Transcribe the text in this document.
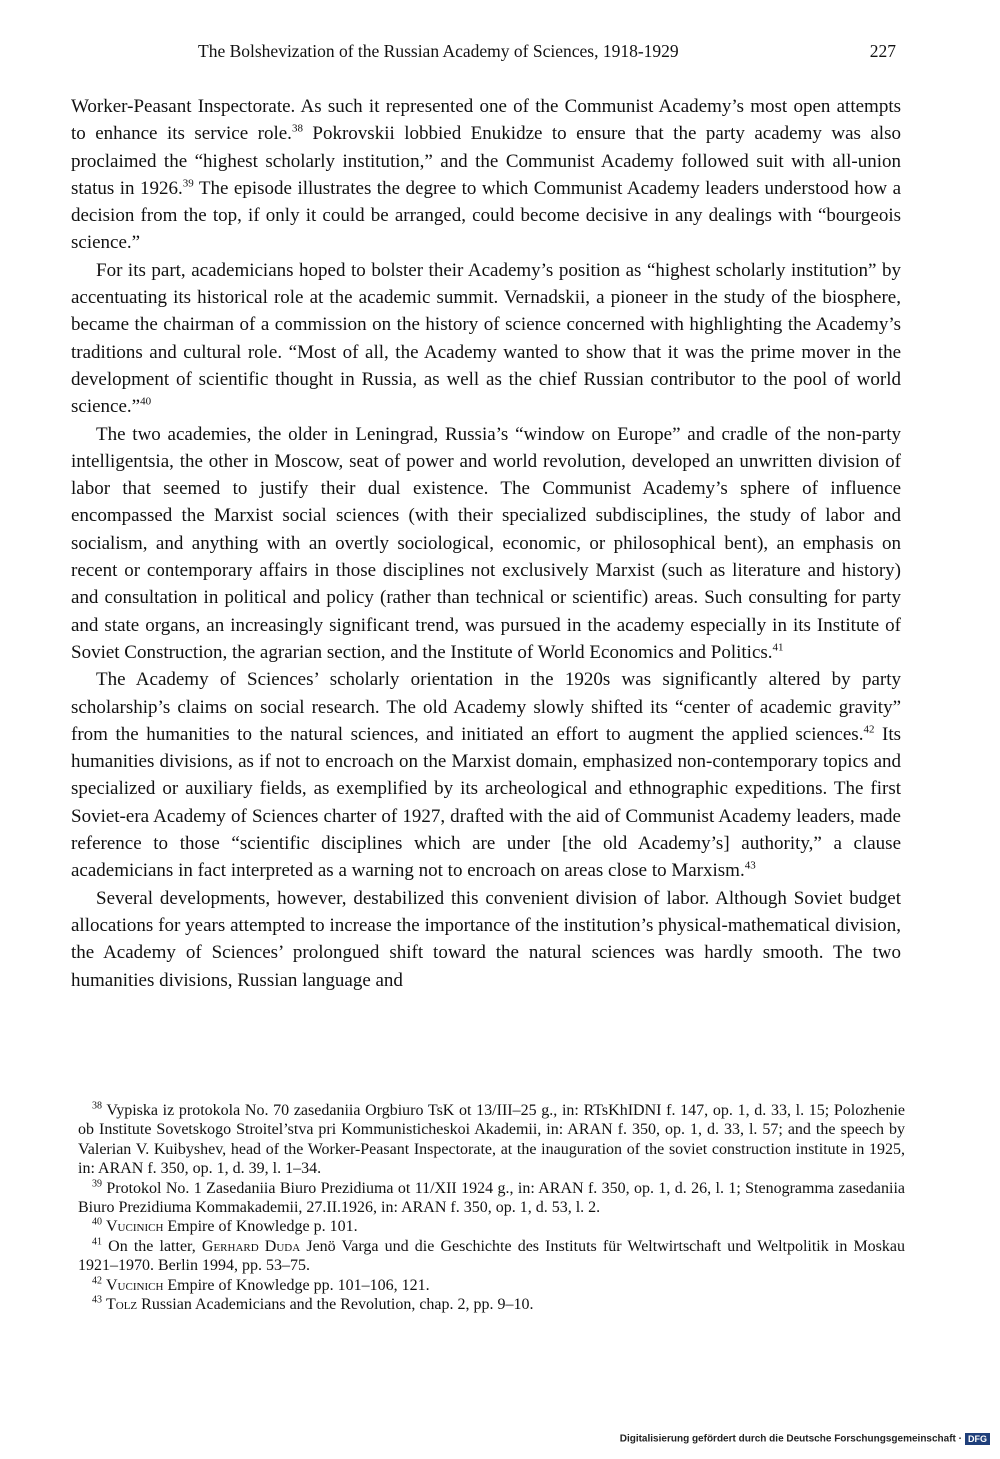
The Bolshevization of the Russian Academy of Sciences, 1918-1929	227

Worker-Peasant Inspectorate. As such it represented one of the Communist Academy’s most open attempts to enhance its service role.$^{38}$ Pokrovskii lobbied Enukidze to ensure that the party academy was also proclaimed the “highest scholarly institution,” and the Communist Academy followed suit with all-union status in 1926.39 The episode illustrates the degree to which Communist Academy leaders understood how a decision from the top, if only it could be arranged, could become decisive in any dealings with “bourgeois science.”

For its part, academicians hoped to bolster their Academy’s position as “highest scholarly institution” by accentuating its historical role at the academic summit. Vernadskii, a pioneer in the study of the biosphere, became the chairman of a commission on the history of science concerned with highlighting the Academy’s traditions and cultural role. “Most of all, the Academy wanted to show that it was the prime mover in the development of scientific thought in Russia, as well as the chief Russian contributor to the pool of world science.”$^{40}$

The two academies, the older in Leningrad, Russia’s “window on Europe” and cradle of the non-party intelligentsia, the other in Moscow, seat of power and world revolution, developed an unwritten division of labor that seemed to justify their dual existence. The Communist Academy’s sphere of influence encompassed the Marxist social sciences (with their specialized subdisciplines, the study of labor and socialism, and anything with an overtly sociological, economic, or philosophical bent), an emphasis on recent or contemporary affairs in those disciplines not exclusively Marxist (such as literature and history) and consultation in political and policy (rather than technical or scientific) areas. Such consulting for party and state organs, an increasingly significant trend, was pursued in the academy especially in its Institute of Soviet Construction, the agrarian section, and the Institute of World Economics and Politics.$^{41}$

The Academy of Sciences’ scholarly orientation in the 1920s was significantly altered by party scholarship’s claims on social research. The old Academy slowly shifted its “center of academic gravity” from the humanities to the natural sciences, and initiated an effort to augment the applied sciences.$^{42}$ Its humanities divisions, as if not to encroach on the Marxist domain, emphasized non-contemporary topics and specialized or auxiliary fields, as exemplified by its archeological and ethnographic expeditions. The first Soviet-era Academy of Sciences charter of 1927, drafted with the aid of Communist Academy leaders, made reference to those “scientific disciplines which are under [the old Academy’s] authority,” a clause academicians in fact interpreted as a warning not to encroach on areas close to Marxism.$^{43}$

Several developments, however, destabilized this convenient division of labor. Although Soviet budget allocations for years attempted to increase the importance of the institution’s physical-mathematical division, the Academy of Sciences’ prolongued shift toward the natural sciences was hardly smooth. The two humanities divisions, Russian language and

$^{38}$ Vypiska iz protokola No. 70 zasedaniia Orgbiuro TsK ot 13/III–25 g., in: RTsKhIDNI f. 147, op. 1, d. 33, l. 15; Polozhenie ob Institute Sovetskogo Stroitel’stva pri Kommunisticheskoi Akademii, in: ARAN f. 350, op. 1, d. 33, l. 57; and the speech by Valerian V. Kuibyshev, head of the Worker-Peasant Inspectorate, at the inauguration of the soviet construction institute in 1925, in: ARAN f. 350, op. 1, d. 39, l. 1–34.

$^{39}$ Protokol No. 1 Zasedaniia Biuro Prezidiuma ot 11/XII 1924 g., in: ARAN f. 350, op. 1, d. 26, l. 1; Stenogramma zasedaniia Biuro Prezidiuma Kommakademii, 27.II.1926, in: ARAN f. 350, op. 1, d. 53, l. 2.

$^{40}$ Vucinich Empire of Knowledge p. 101.

$^{41}$ On the latter, Gerhard Duda Jenö Varga und die Geschichte des Instituts für Weltwirtschaft und Weltpolitik in Moskau 1921–1970. Berlin 1994, pp. 53–75.

$^{42}$ Vucinich Empire of Knowledge pp. 101–106, 121.

$^{43}$ Tolz Russian Academicians and the Revolution, chap. 2, pp. 9–10.

Digitalisierung gefördert durch die Deutsche Forschungsgemeinschaft · DFG
